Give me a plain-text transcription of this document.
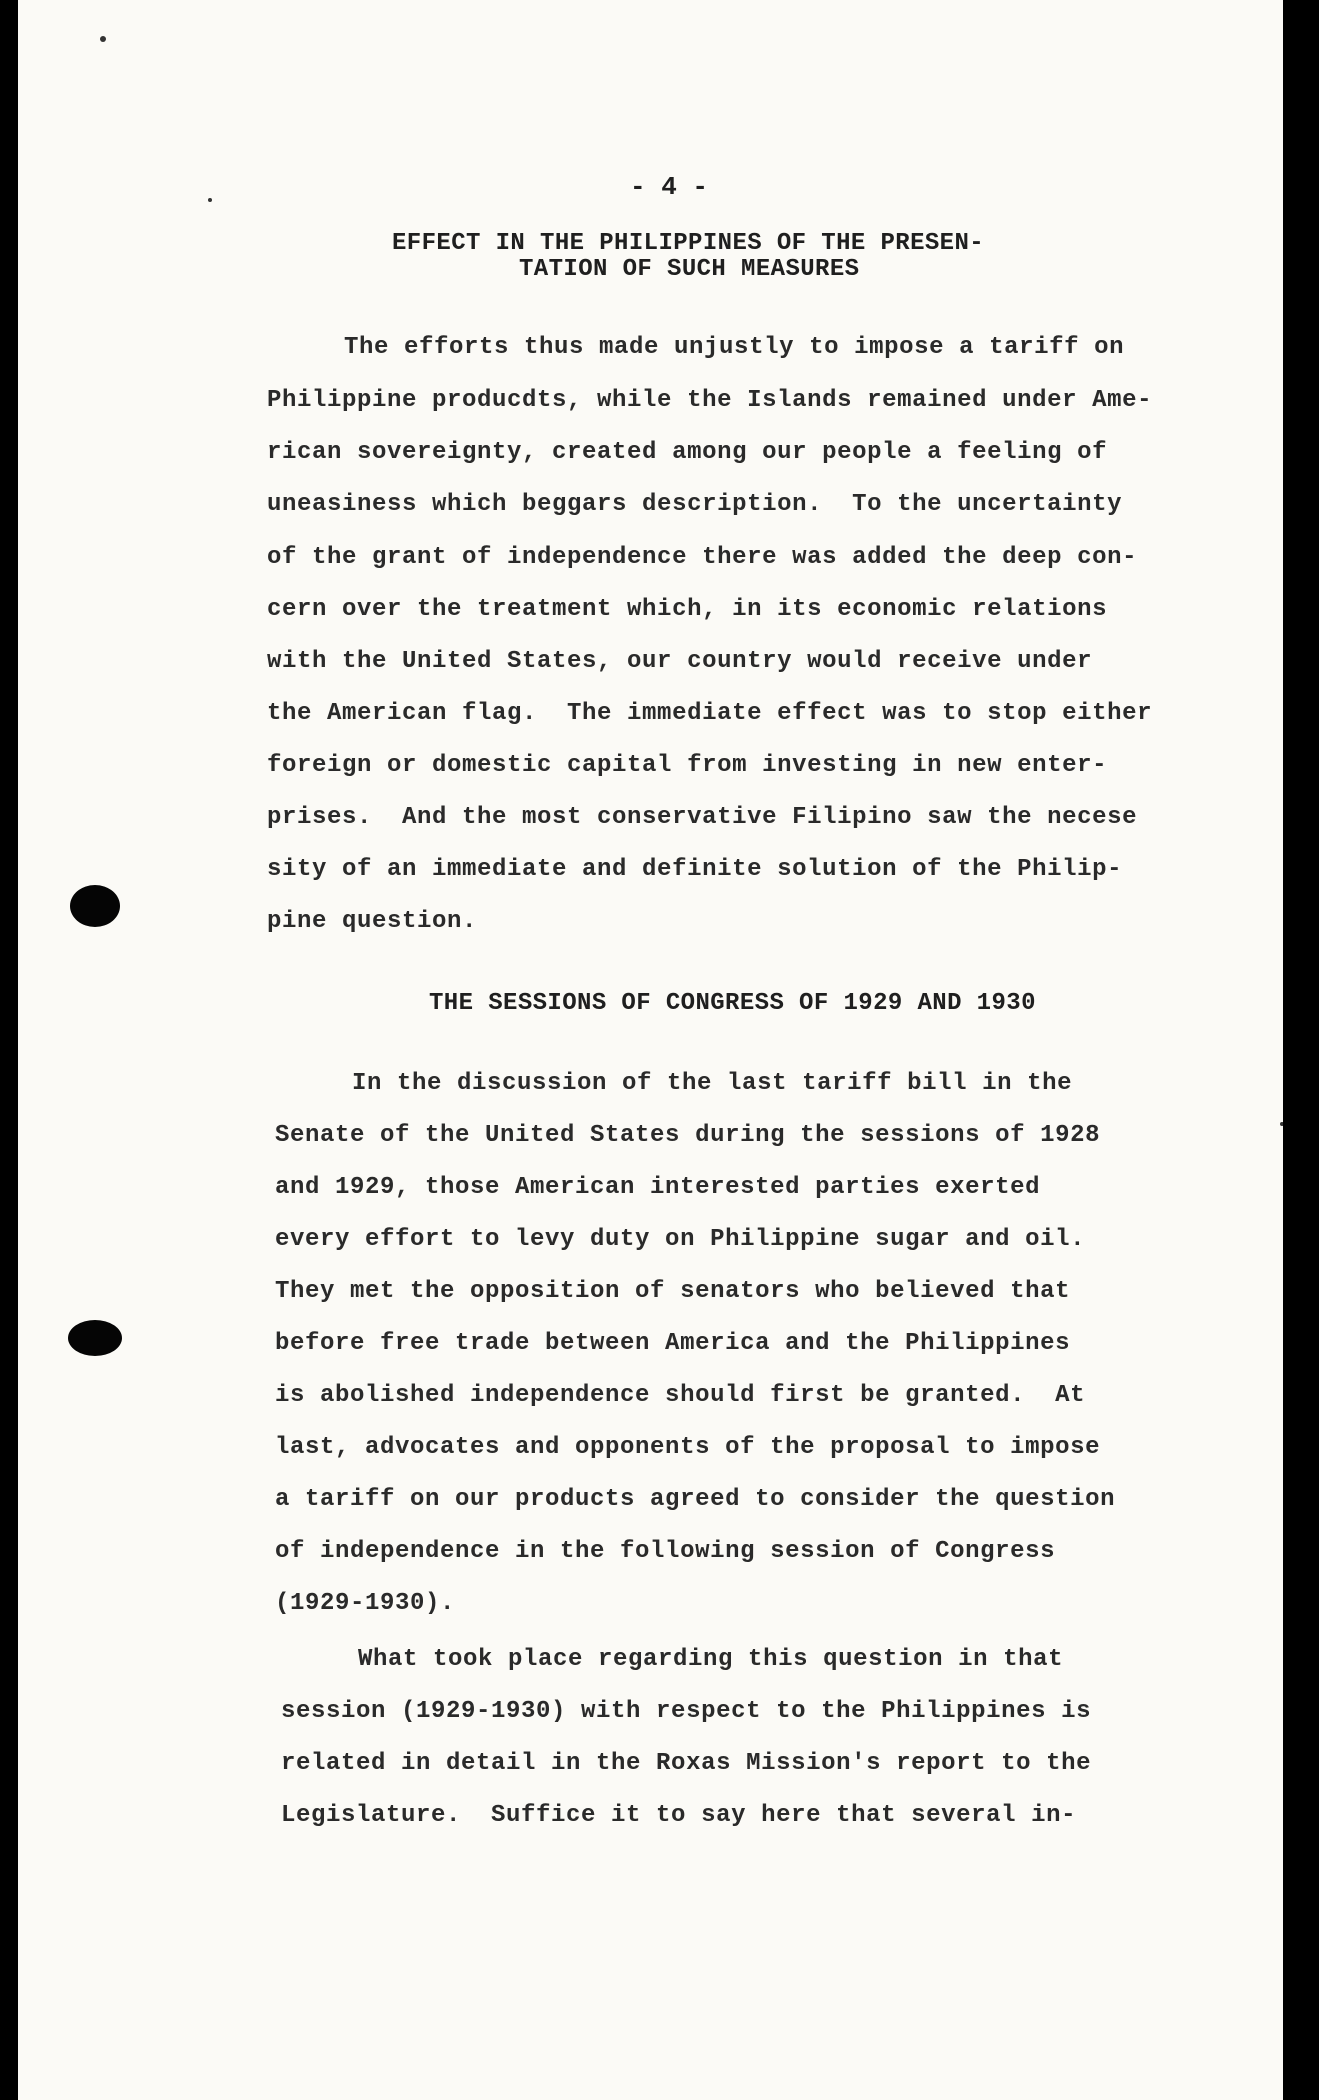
- 4 -
EFFECT IN THE PHILIPPINES OF THE PRESEN-
TATION OF SUCH MEASURES
The efforts thus made unjustly to impose a tariff on
Philippine producdts, while the Islands remained under Ame-
rican sovereignty, created among our people a feeling of
uneasiness which beggars description.  To the uncertainty
of the grant of independence there was added the deep con-
cern over the treatment which, in its economic relations
with the United States, our country would receive under
the American flag.  The immediate effect was to stop either
foreign or domestic capital from investing in new enter-
prises.  And the most conservative Filipino saw the necese
sity of an immediate and definite solution of the Philip-
pine question.
THE SESSIONS OF CONGRESS OF 1929 AND 1930
In the discussion of the last tariff bill in the
Senate of the United States during the sessions of 1928
and 1929, those American interested parties exerted
every effort to levy duty on Philippine sugar and oil.
They met the opposition of senators who believed that
before free trade between America and the Philippines
is abolished independence should first be granted.  At
last, advocates and opponents of the proposal to impose
a tariff on our products agreed to consider the question
of independence in the following session of Congress
(1929-1930).
What took place regarding this question in that
session (1929-1930) with respect to the Philippines is
related in detail in the Roxas Mission's report to the
Legislature.  Suffice it to say here that several in-
